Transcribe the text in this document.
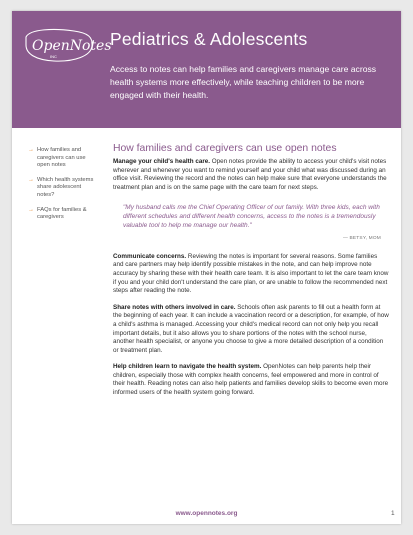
OpenNotes
INC
Pediatrics & Adolescents
Access to notes can help families and caregivers manage care across health systems more effectively, while teaching children to be more engaged with their health.
→ How families and caregivers can use open notes
→ Which health systems share adolescent notes?
→ FAQs for families & caregivers
How families and caregivers can use open notes

Manage your child's health care. Open notes provide the ability to access your child's visit notes wherever and whenever you want to remind yourself and your child what was discussed during an office visit. Reviewing the record and the notes can help make sure that everyone understands the treatment plan and is on the same page with the care team for next steps.

"My husband calls me the Chief Operating Officer of our family. With three kids, each with different schedules and different health concerns, access to the notes is a tremendously valuable tool to help me manage our health."
— BETSY, MOM

Communicate concerns. Reviewing the notes is important for several reasons. Some families and care partners may help identify possible mistakes in the note, and can help improve note accuracy by sharing these with their health care team. It is also important to let the care team know if you and your child don't understand the care plan, or are unable to follow the recommended next steps after reading the note.

Share notes with others involved in care. Schools often ask parents to fill out a health form at the beginning of each year. It can include a vaccination record or a description, for example, of how a child's asthma is managed. Accessing your child's medical record can not only help you recall important details, but it also allows you to share portions of the notes with the school nurse, another health specialist, or anyone you choose to give a more detailed description of a condition or treatment plan.

Help children learn to navigate the health system. OpenNotes can help parents help their children, especially those with complex health concerns, feel empowered and more in control of their health. Reading notes can also help patients and families develop skills to become even more informed users of the health system going forward.

www.opennotes.org	1
